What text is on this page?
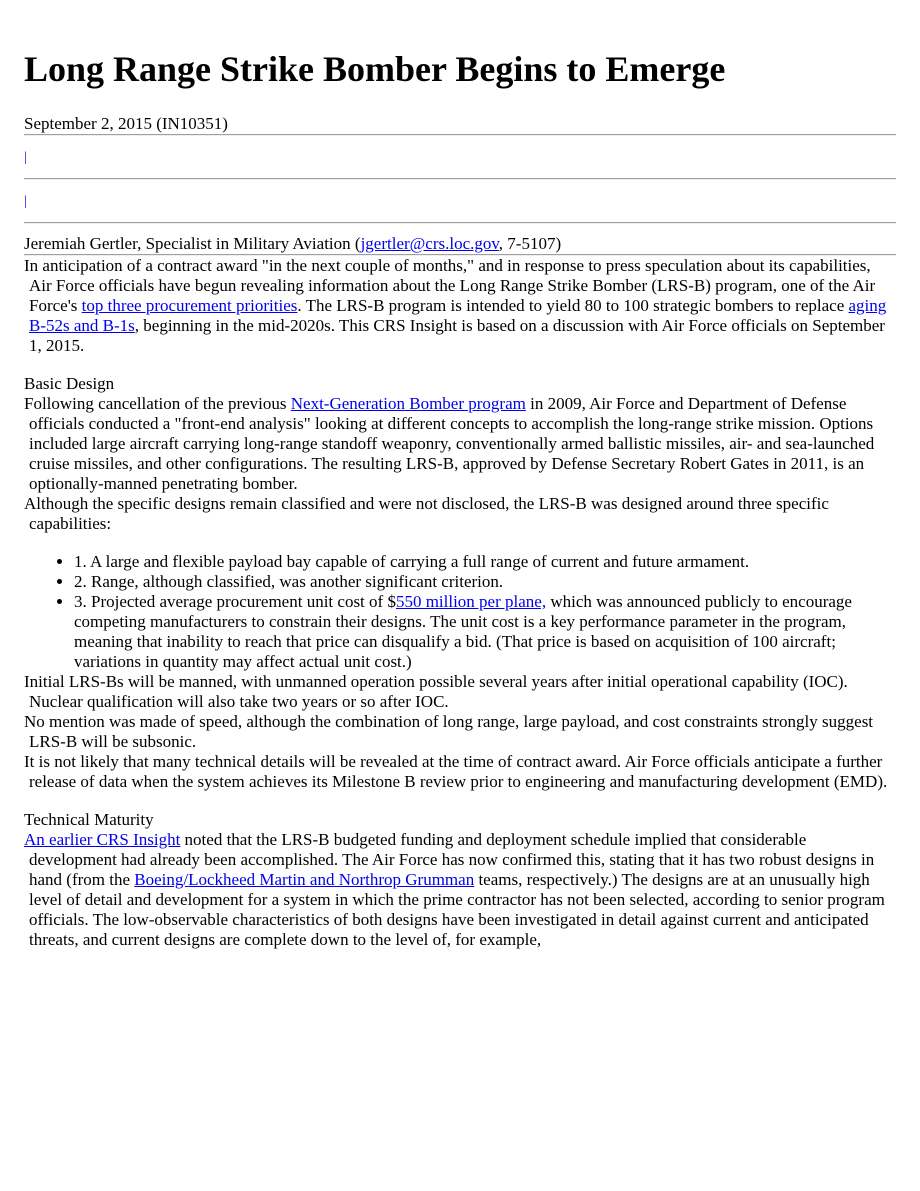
Long Range Strike Bomber Begins to Emerge
September 2, 2015 (IN10351)
|
|
Jeremiah Gertler, Specialist in Military Aviation (jgertler@crs.loc.gov, 7-5107)

In anticipation of a contract award "in the next couple of months," and in response to press speculation about its capabilities, Air Force officials have begun revealing information about the Long Range Strike Bomber (LRS-B) program, one of the Air Force's top three procurement priorities. The LRS-B program is intended to yield 80 to 100 strategic bombers to replace aging B-52s and B-1s, beginning in the mid-2020s. This CRS Insight is based on a discussion with Air Force officials on September 1, 2015.

Basic Design

Following cancellation of the previous Next-Generation Bomber program in 2009, Air Force and Department of Defense officials conducted a "front-end analysis" looking at different concepts to accomplish the long-range strike mission. Options included large aircraft carrying long-range standoff weaponry, conventionally armed ballistic missiles, air- and sea-launched cruise missiles, and other configurations. The resulting LRS-B, approved by Defense Secretary Robert Gates in 2011, is an optionally-manned penetrating bomber.

Although the specific designs remain classified and were not disclosed, the LRS-B was designed around three specific capabilities:

• 1. A large and flexible payload bay capable of carrying a full range of current and future armament.
• 2. Range, although classified, was another significant criterion.
• 3. Projected average procurement unit cost of $550 million per plane, which was announced publicly to encourage competing manufacturers to constrain their designs. The unit cost is a key performance parameter in the program, meaning that inability to reach that price can disqualify a bid. (That price is based on acquisition of 100 aircraft; variations in quantity may affect actual unit cost.)

Initial LRS-Bs will be manned, with unmanned operation possible several years after initial operational capability (IOC). Nuclear qualification will also take two years or so after IOC.

No mention was made of speed, although the combination of long range, large payload, and cost constraints strongly suggest LRS-B will be subsonic.

It is not likely that many technical details will be revealed at the time of contract award. Air Force officials anticipate a further release of data when the system achieves its Milestone B review prior to engineering and manufacturing development (EMD).

Technical Maturity

An earlier CRS Insight noted that the LRS-B budgeted funding and deployment schedule implied that considerable development had already been accomplished. The Air Force has now confirmed this, stating that it has two robust designs in hand (from the Boeing/Lockheed Martin and Northrop Grumman teams, respectively.) The designs are at an unusually high level of detail and development for a system in which the prime contractor has not been selected, according to senior program officials. The low-observable characteristics of both designs have been investigated in detail against current and anticipated threats, and current designs are complete down to the level of, for example,
